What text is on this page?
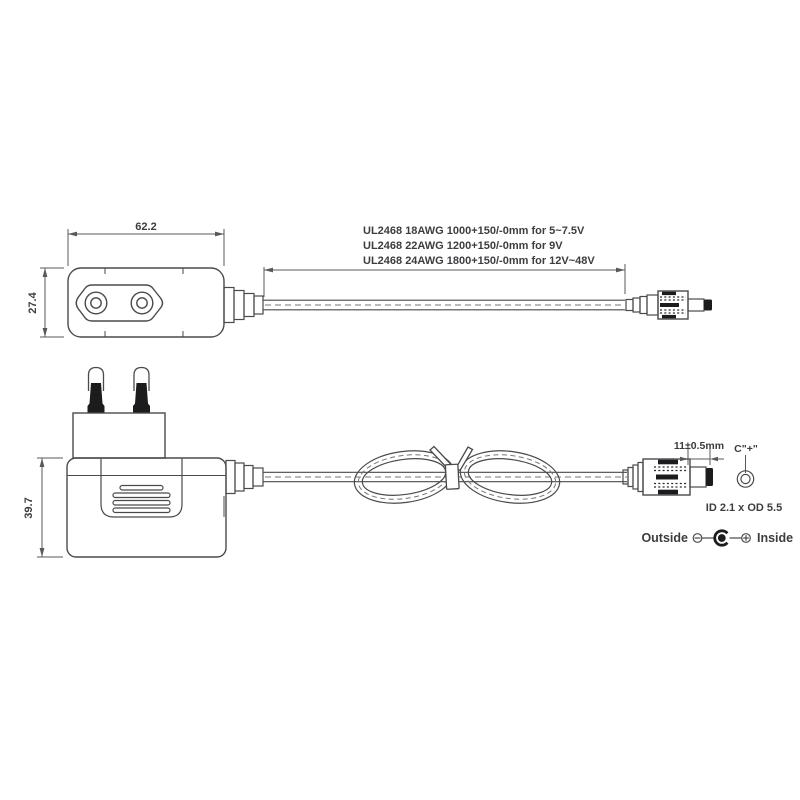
62.2
27.4
UL2468 18AWG 1000+150/-0mm for 5~7.5V
UL2468 22AWG 1200+150/-0mm for 9V
UL2468 24AWG 1800+150/-0mm for 12V~48V
39.7
11±0.5mm C"+"
ID 2.1 x OD 5.5
Outside	Inside
